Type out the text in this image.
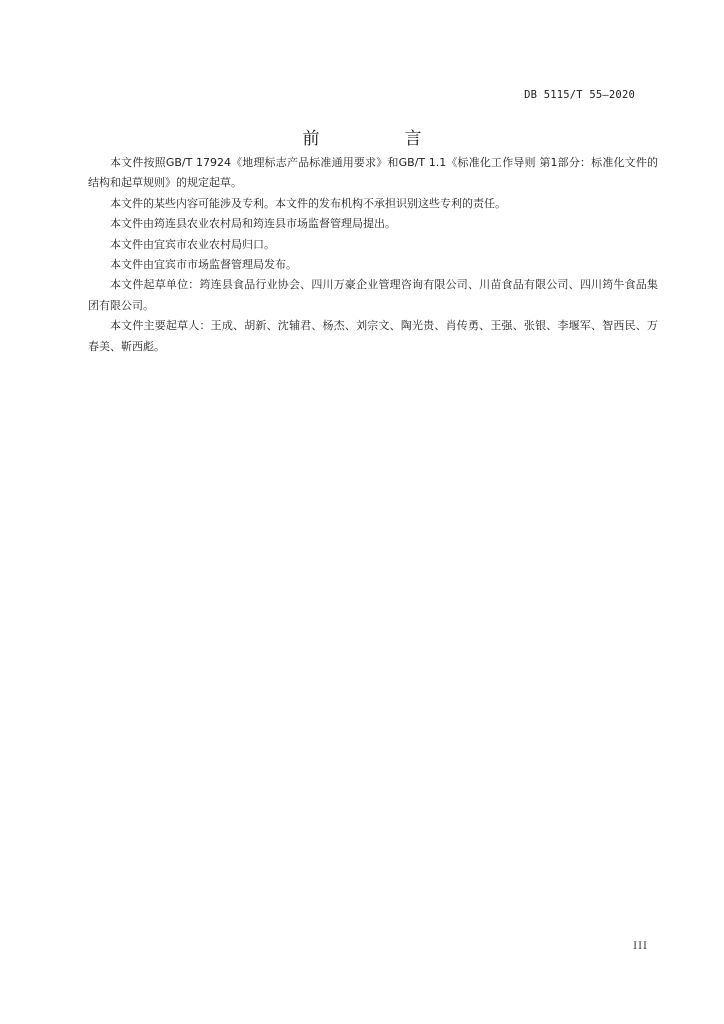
DB 5115/T 55—2020
前　言

本文件按照GB/T 17924《地理标志产品标准通用要求》和GB/T 1.1《标准化工作导则 第1部分：标准化文件的结构和起草规则》的规定起草。

本文件的某些内容可能涉及专利。本文件的发布机构不承担识别这些专利的责任。

本文件由筠连县农业农村局和筠连县市场监督管理局提出。

本文件由宜宾市农业农村局归口。

本文件由宜宾市市场监督管理局发布。

本文件起草单位：筠连县食品行业协会、四川万豪企业管理咨询有限公司、川苗食品有限公司、四川筠牛食品集团有限公司。

本文件主要起草人：王成、胡新、沈辅君、杨杰、刘宗文、陶光贵、肖传勇、王强、张银、李堰军、智西民、万春美、靳西彪。

III
